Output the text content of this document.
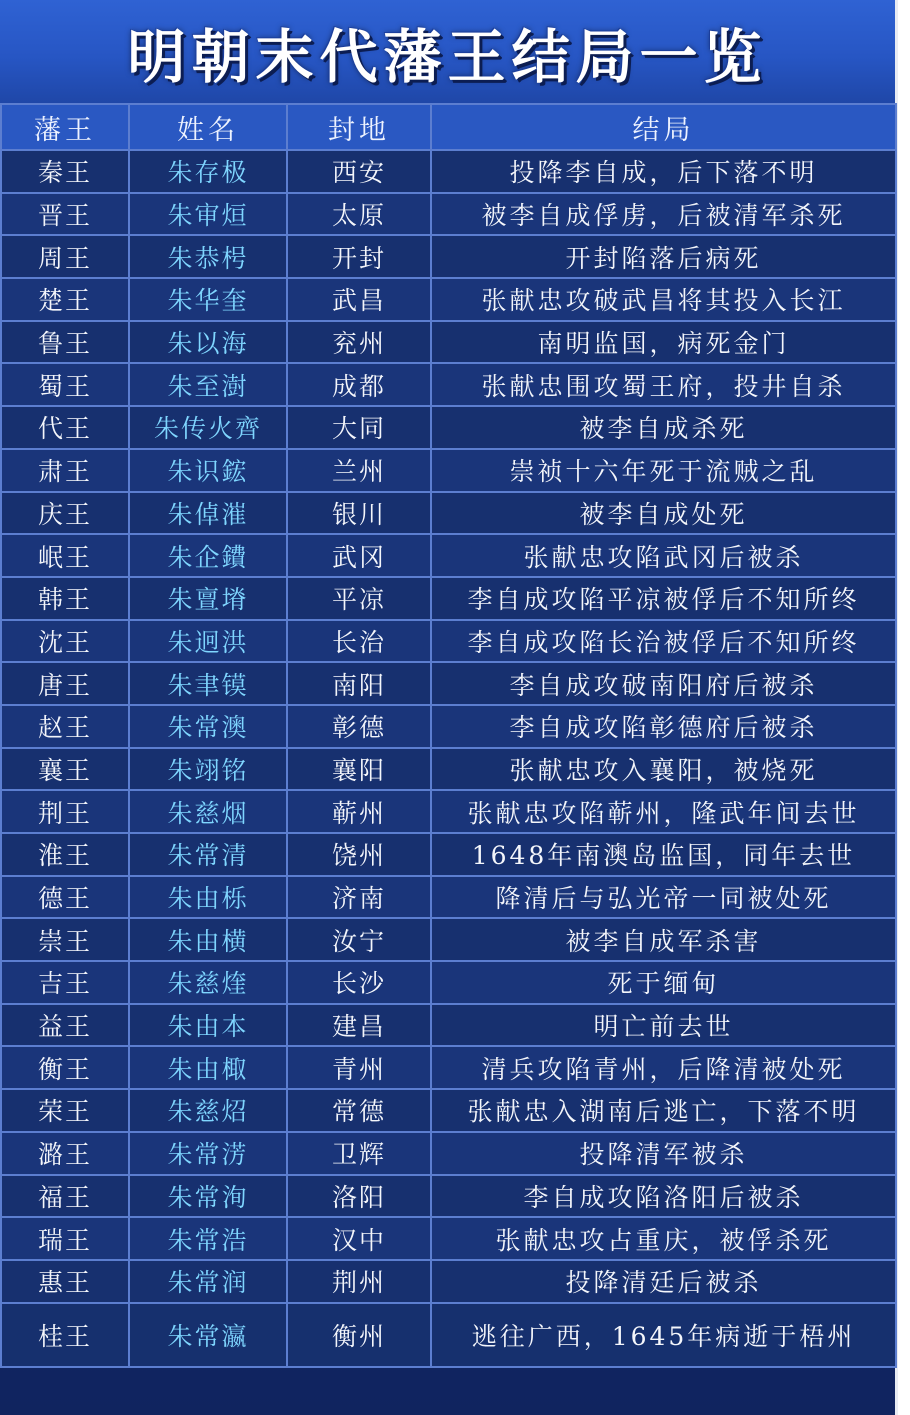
明朝末代藩王结局一览
藩王	姓名	封地	结局
秦王	朱存极	西安	投降李自成，后下落不明
晋王	朱审烜	太原	被李自成俘虏，后被清军杀死
周王	朱恭枵	开封	开封陷落后病死
楚王	朱华奎	武昌	张献忠攻破武昌将其投入长江
鲁王	朱以海	兖州	南明监国，病死金门
蜀王	朱至澍	成都	张献忠围攻蜀王府，投井自杀
代王	朱传火齊	大同	被李自成杀死
肃王	朱识鋐	兰州	崇祯十六年死于流贼之乱
庆王	朱倬漼	银川	被李自成处死
岷王	朱企鐨	武冈	张献忠攻陷武冈后被杀
韩王	朱亶塉	平凉	李自成攻陷平凉被俘后不知所终
沈王	朱迥洪	长治	李自成攻陷长治被俘后不知所终
唐王	朱聿镆	南阳	李自成攻破南阳府后被杀
赵王	朱常澳	彰德	李自成攻陷彰德府后被杀
襄王	朱翊铭	襄阳	张献忠攻入襄阳，被烧死
荆王	朱慈烟	蕲州	张献忠攻陷蕲州，隆武年间去世
淮王	朱常清	饶州	1648年南澳岛监国，同年去世
德王	朱由栎	济南	降清后与弘光帝一同被处死
崇王	朱由横	汝宁	被李自成军杀害
吉王	朱慈煃	长沙	死于缅甸
益王	朱由本	建昌	明亡前去世
衡王	朱由棷	青州	清兵攻陷青州，后降清被处死
荣王	朱慈炤	常德	张献忠入湖南后逃亡，下落不明
潞王	朱常淓	卫辉	投降清军被杀
福王	朱常洵	洛阳	李自成攻陷洛阳后被杀
瑞王	朱常浩	汉中	张献忠攻占重庆，被俘杀死
惠王	朱常润	荆州	投降清廷后被杀
桂王	朱常瀛	衡州	逃往广西，1645年病逝于梧州
